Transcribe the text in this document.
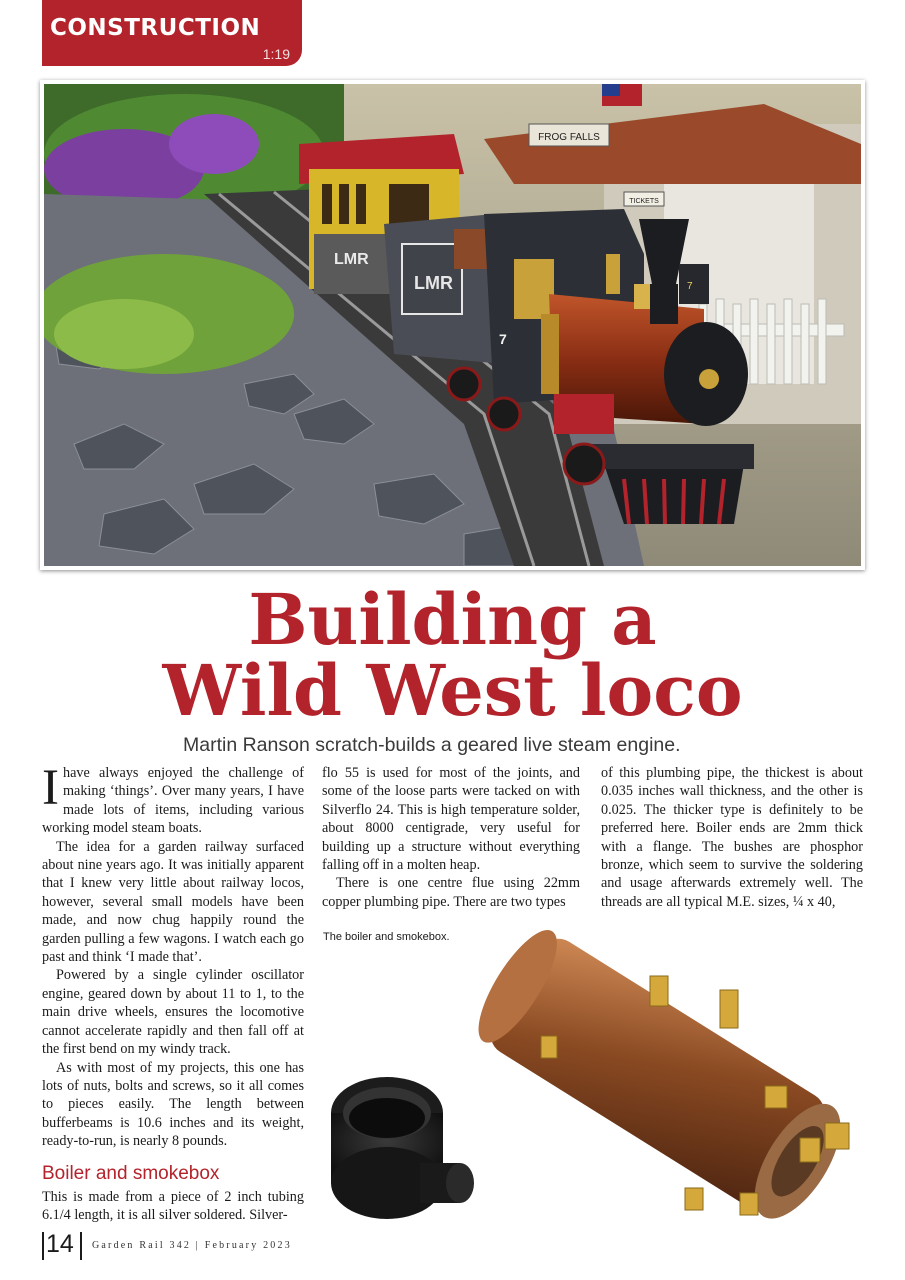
CONSTRUCTION
1:19
FROG FALLS
TICKETS
LMR
LMR
7
7
Building a
Wild West loco
Martin Ranson scratch-builds a geared live steam engine.

Ihave always enjoyed the challenge of making ‘things’. Over many years, I have made lots of items, including various working model steam boats.

The idea for a garden railway surfaced about nine years ago. It was initially apparent that I knew very little about railway locos, however, several small models have been made, and now chug happily round the garden pulling a few wagons. I watch each go past and think ‘I made that’.

Powered by a single cylinder oscillator engine, geared down by about 11 to 1, to the main drive wheels, ensures the locomotive cannot accelerate rapidly and then fall off at the first bend on my windy track.

As with most of my projects, this one has lots of nuts, bolts and screws, so it all comes to pieces easily. The length between bufferbeams is 10.6 inches and its weight, ready-to-run, is nearly 8 pounds.

Boiler and smokebox

This is made from a piece of 2 inch tubing 6.1/4 length, it is all silver soldered. Silver-

flo 55 is used for most of the joints, and some of the loose parts were tacked on with Silverflo 24. This is high temperature solder, about 8000 centigrade, very useful for building up a structure without everything falling off in a molten heap.

There is one centre flue using 22mm copper plumbing pipe. There are two types

of this plumbing pipe, the thickest is about 0.035 inches wall thickness, and the other is 0.025. The thicker type is definitely to be preferred here. Boiler ends are 2mm thick with a flange. The bushes are phosphor bronze, which seem to survive the soldering and usage afterwards extremely well. The threads are all typical M.E. sizes, ¼ x 40,

The boiler and smokebox.
14 Garden Rail 342 | February 2023
